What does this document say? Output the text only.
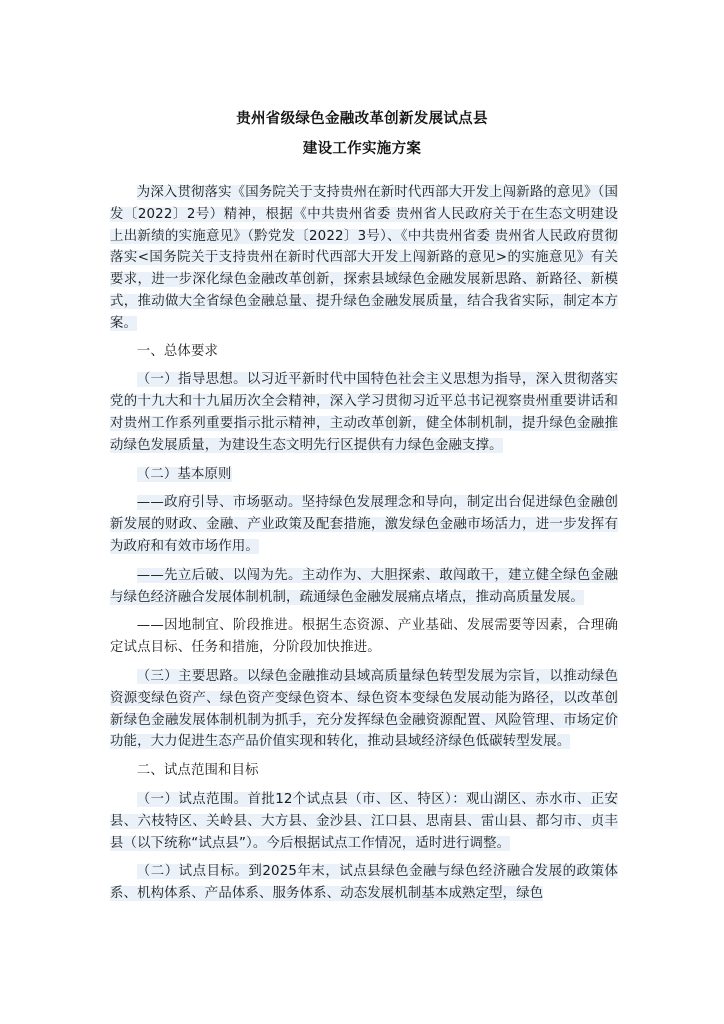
贵州省级绿色金融改革创新发展试点县
建设工作实施方案

为深入贯彻落实《国务院关于支持贵州在新时代西部大开发上闯新路的意见》（国发〔2022〕2号）精神，根据《中共贵州省委 贵州省人民政府关于在生态文明建设上出新绩的实施意见》（黔党发〔2022〕3号）、《中共贵州省委 贵州省人民政府贯彻落实<国务院关于支持贵州在新时代西部大开发上闯新路的意见>的实施意见》有关要求，进一步深化绿色金融改革创新，探索县域绿色金融发展新思路、新路径、新模式，推动做大全省绿色金融总量、提升绿色金融发展质量，结合我省实际，制定本方案。

一、总体要求

（一）指导思想。以习近平新时代中国特色社会主义思想为指导，深入贯彻落实党的十九大和十九届历次全会精神，深入学习贯彻习近平总书记视察贵州重要讲话和对贵州工作系列重要指示批示精神，主动改革创新，健全体制机制，提升绿色金融推动绿色发展质量，为建设生态文明先行区提供有力绿色金融支撑。

（二）基本原则

——政府引导、市场驱动。坚持绿色发展理念和导向，制定出台促进绿色金融创新发展的财政、金融、产业政策及配套措施，激发绿色金融市场活力，进一步发挥有为政府和有效市场作用。

——先立后破、以闯为先。主动作为、大胆探索、敢闯敢干，建立健全绿色金融与绿色经济融合发展体制机制，疏通绿色金融发展痛点堵点，推动高质量发展。

——因地制宜、阶段推进。根据生态资源、产业基础、发展需要等因素，合理确定试点目标、任务和措施，分阶段加快推进。

（三）主要思路。以绿色金融推动县域高质量绿色转型发展为宗旨，以推动绿色资源变绿色资产、绿色资产变绿色资本、绿色资本变绿色发展动能为路径，以改革创新绿色金融发展体制机制为抓手，充分发挥绿色金融资源配置、风险管理、市场定价功能，大力促进生态产品价值实现和转化，推动县域经济绿色低碳转型发展。

二、试点范围和目标

（一）试点范围。首批12个试点县（市、区、特区）：观山湖区、赤水市、正安县、六枝特区、关岭县、大方县、金沙县、江口县、思南县、雷山县、都匀市、贞丰县（以下统称“试点县”）。今后根据试点工作情况，适时进行调整。

（二）试点目标。到2025年末，试点县绿色金融与绿色经济融合发展的政策体系、机构体系、产品体系、服务体系、动态发展机制基本成熟定型，绿色
